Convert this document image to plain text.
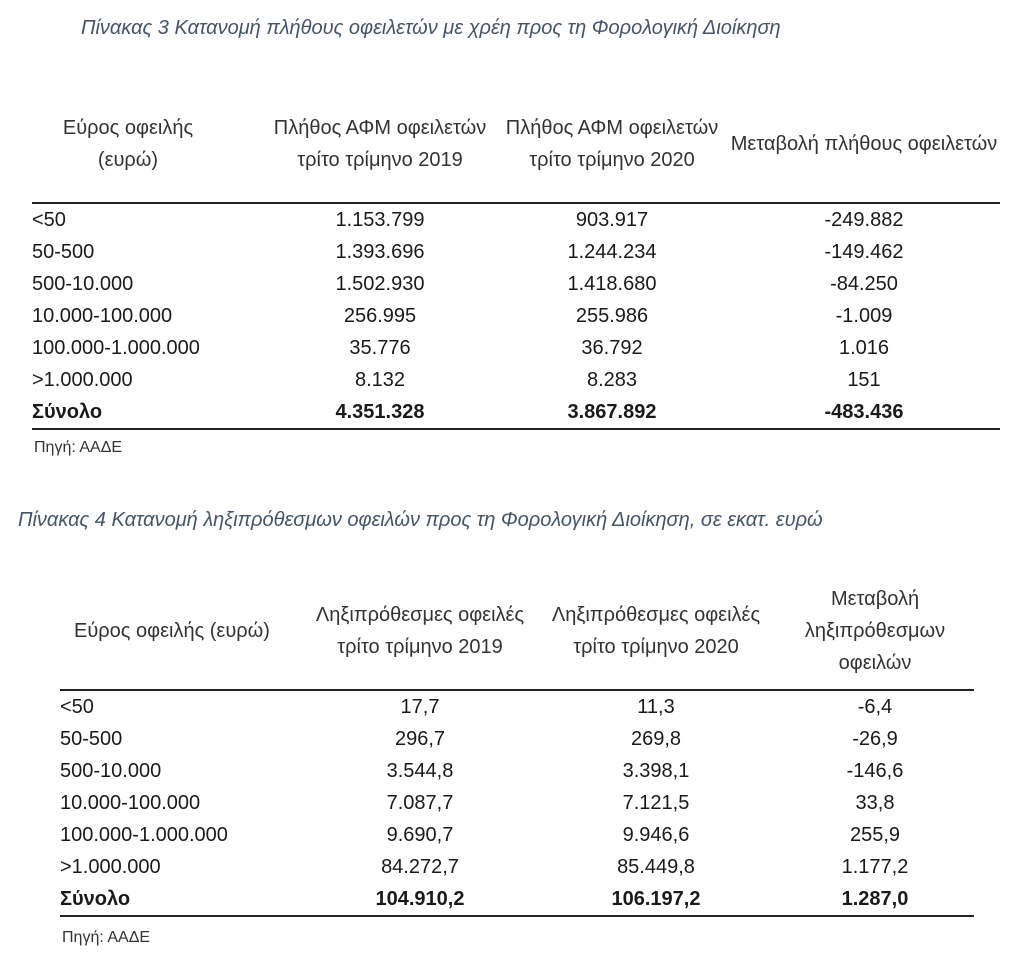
Πίνακας 3 Κατανομή πλήθους οφειλετών με χρέη προς τη Φορολογική Διοίκηση
Εύρος οφειλής (ευρώ)	Πλήθος ΑΦΜ οφειλετών τρίτο τρίμηνο 2019	Πλήθος ΑΦΜ οφειλετών τρίτο τρίμηνο 2020	Μεταβολή πλήθους οφειλετών
<50	1.153.799	903.917	-249.882
50-500	1.393.696	1.244.234	-149.462
500-10.000	1.502.930	1.418.680	-84.250
10.000-100.000	256.995	255.986	-1.009
100.000-1.000.000	35.776	36.792	1.016
>1.000.000	8.132	8.283	151
Σύνολο	4.351.328	3.867.892	-483.436

Πηγή: ΑΑΔΕ

Πίνακας 4 Κατανομή ληξιπρόθεσμων οφειλών προς τη Φορολογική Διοίκηση, σε εκατ. ευρώ
Εύρος οφειλής (ευρώ)	Ληξιπρόθεσμες οφειλές τρίτο τρίμηνο 2019	Ληξιπρόθεσμες οφειλές τρίτο τρίμηνο 2020	Μεταβολή ληξιπρόθεσμων οφειλών
<50	17,7	11,3	-6,4
50-500	296,7	269,8	-26,9
500-10.000	3.544,8	3.398,1	-146,6
10.000-100.000	7.087,7	7.121,5	33,8
100.000-1.000.000	9.690,7	9.946,6	255,9
>1.000.000	84.272,7	85.449,8	1.177,2
Σύνολο	104.910,2	106.197,2	1.287,0

Πηγή: ΑΑΔΕ
